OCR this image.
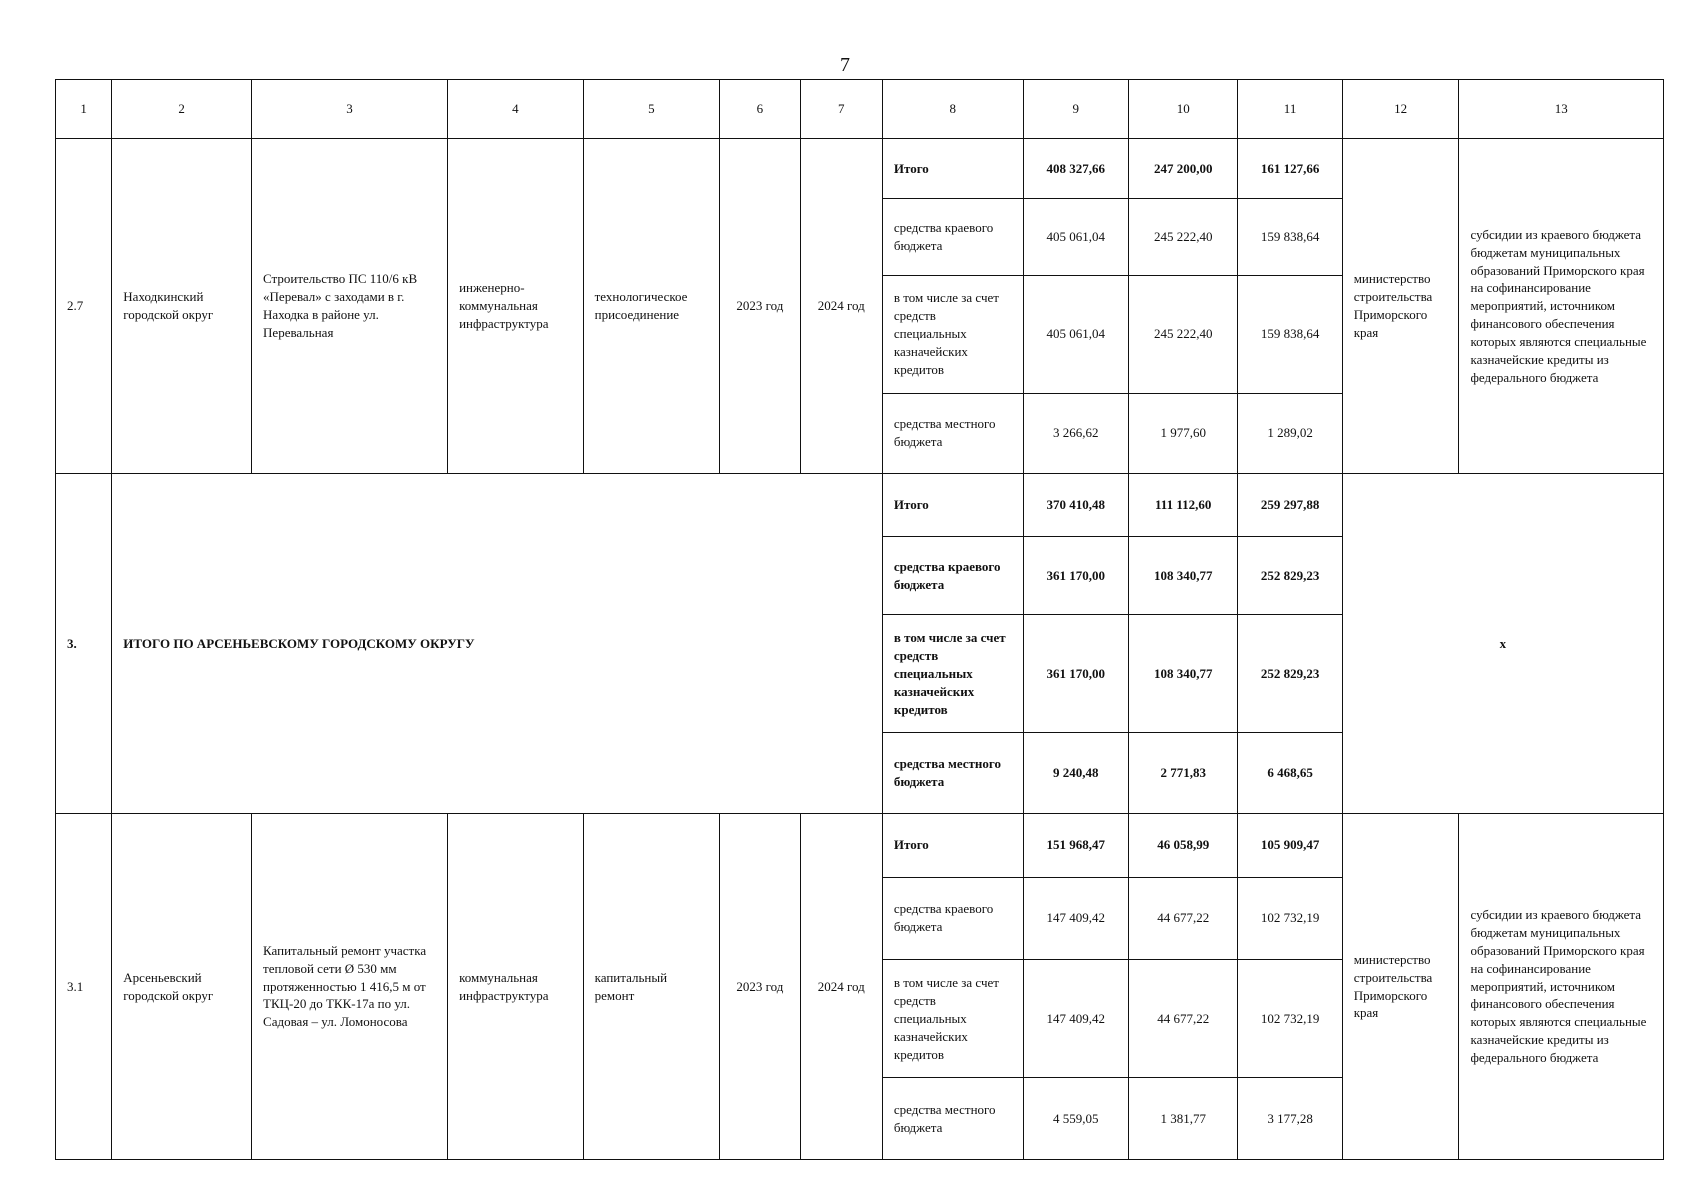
7
1	2	3	4	5	6	7	8	9	10	11	12	13
2.7	Находкинский городской округ	Строительство ПС 110/6 кВ «Перевал» с заходами в г. Находка в районе ул. Перевальная	инженерно-коммунальная инфраструктура	технологическое присоединение	2023 год	2024 год	Итого	408 327,66	247 200,00	161 127,66	министерство строительства Приморского края	субсидии из краевого бюджета бюджетам муниципальных образований Приморского края на софинансирование мероприятий, источником финансового обеспечения которых являются специальные казначейские кредиты из федерального бюджета
							средства краевого бюджета	405 061,04	245 222,40	159 838,64		
							в том числе за счет средств специальных казначейских кредитов	405 061,04	245 222,40	159 838,64		
							средства местного бюджета	3 266,62	1 977,60	1 289,02		
3.	ИТОГО ПО АРСЕНЬЕВСКОМУ ГОРОДСКОМУ ОКРУГУ						Итого	370 410,48	111 112,60	259 297,88	х	
							средства краевого бюджета	361 170,00	108 340,77	252 829,23		
							в том числе за счет средств специальных казначейских кредитов	361 170,00	108 340,77	252 829,23		
							средства местного бюджета	9 240,48	2 771,83	6 468,65		
3.1	Арсеньевский городской округ	Капитальный ремонт участка тепловой сети Ø 530 мм протяженностью 1 416,5 м от ТКЦ-20 до ТКК-17а по ул. Садовая – ул. Ломоносова	коммунальная инфраструктура	капитальный ремонт	2023 год	2024 год	Итого	151 968,47	46 058,99	105 909,47	министерство строительства Приморского края	субсидии из краевого бюджета бюджетам муниципальных образований Приморского края на софинансирование мероприятий, источником финансового обеспечения которых являются специальные казначейские кредиты из федерального бюджета
							средства краевого бюджета	147 409,42	44 677,22	102 732,19		
							в том числе за счет средств специальных казначейских кредитов	147 409,42	44 677,22	102 732,19		
							средства местного бюджета	4 559,05	1 381,77	3 177,28		
